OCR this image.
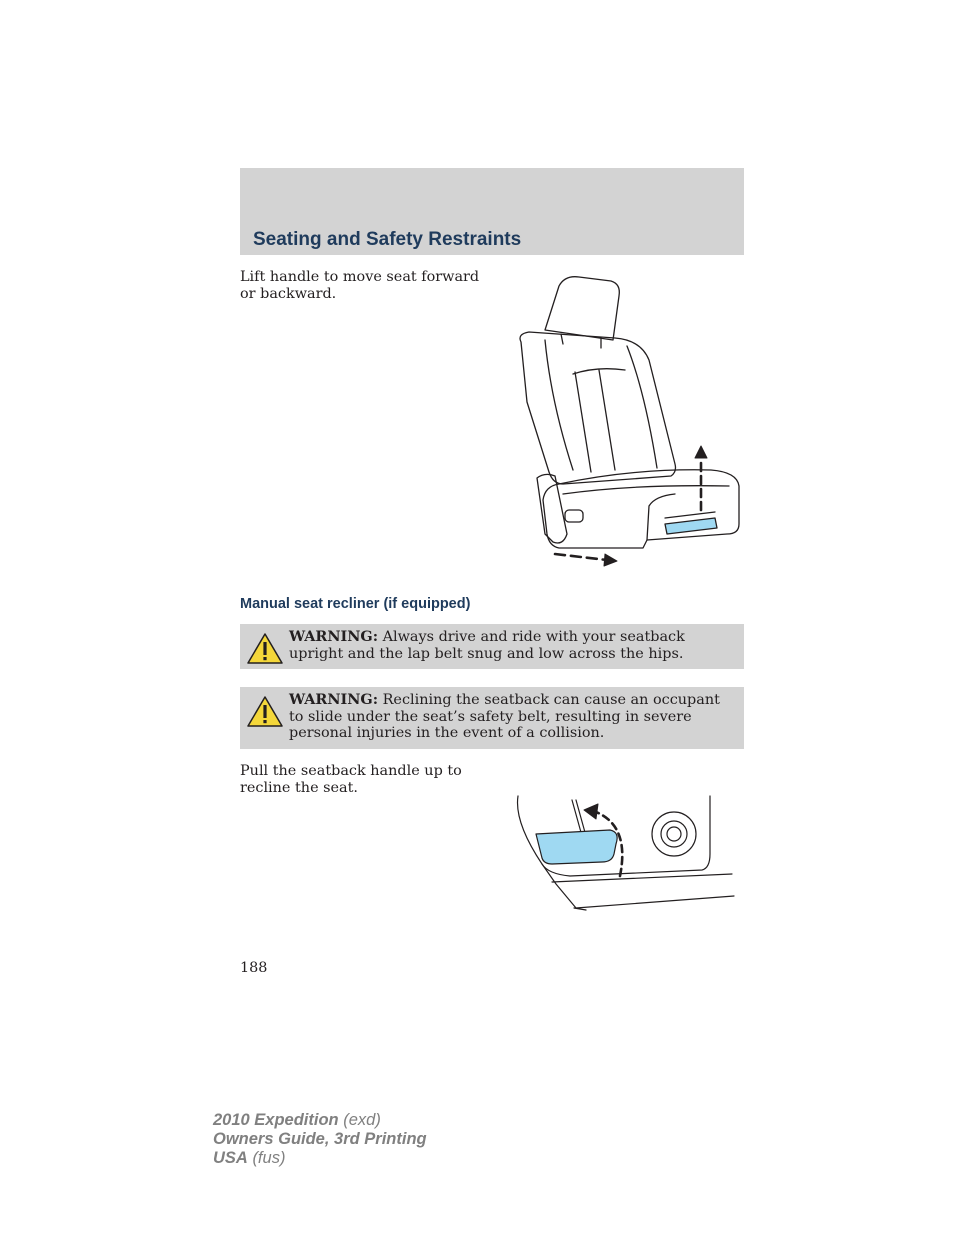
Seating and Safety Restraints

Lift handle to move seat forward or backward.

Manual seat recliner (if equipped)
WARNING: Always drive and ride with your seatback upright and the lap belt snug and low across the hips.
WARNING: Reclining the seatback can cause an occupant to slide under the seat’s safety belt, resulting in severe personal injuries in the event of a collision.

Pull the seatback handle up to recline the seat.

188

2010 Expedition (exd)
Owners Guide, 3rd Printing
USA (fus)
